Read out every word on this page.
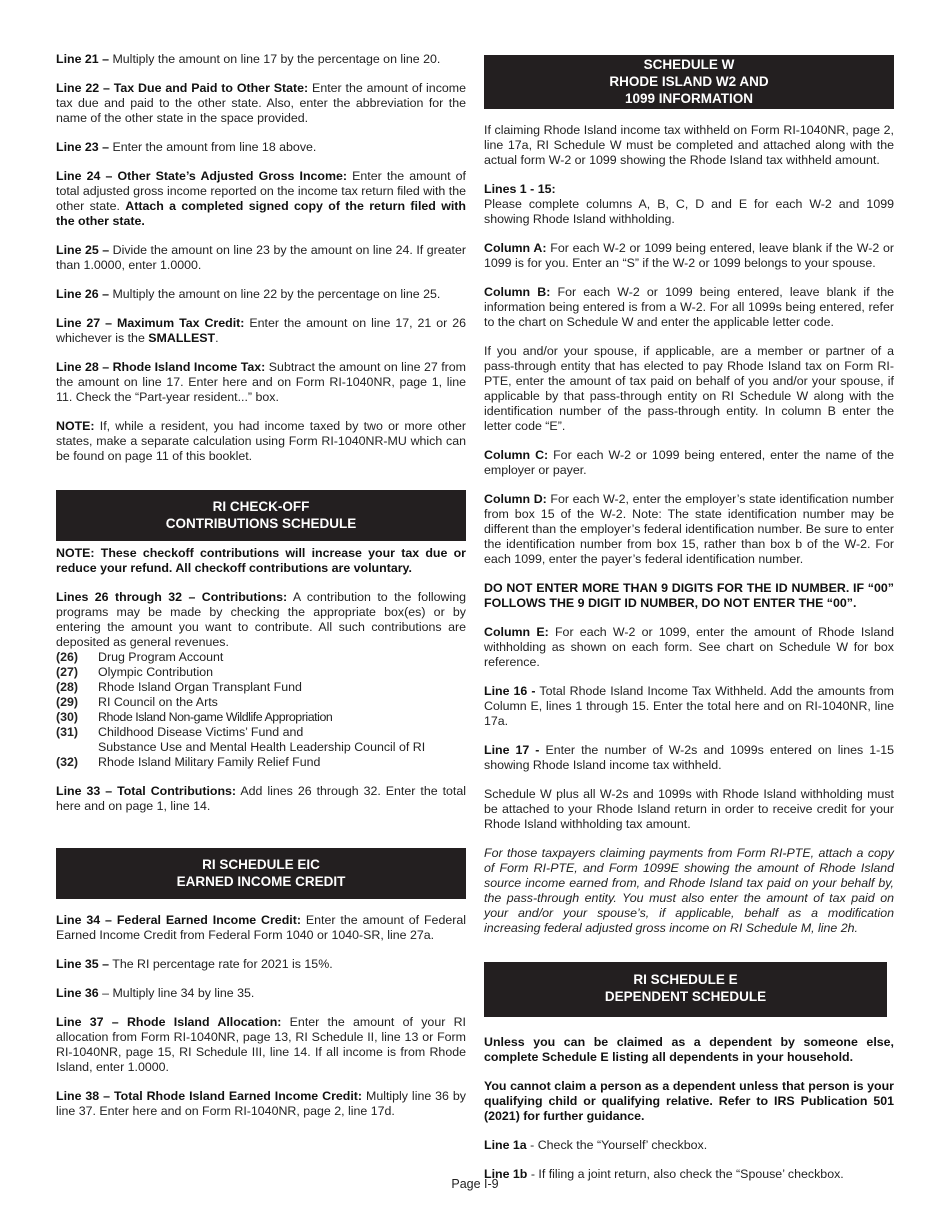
Line 21 – Multiply the amount on line 17 by the percentage on line 20.

Line 22 – Tax Due and Paid to Other State: Enter the amount of income tax due and paid to the other state. Also, enter the abbreviation for the name of the other state in the space provided.

Line 23 – Enter the amount from line 18 above.

Line 24 – Other State’s Adjusted Gross Income: Enter the amount of total adjusted gross income reported on the income tax return filed with the other state. Attach a completed signed copy of the return filed with the other state.

Line 25 – Divide the amount on line 23 by the amount on line 24. If greater than 1.0000, enter 1.0000.

Line 26 – Multiply the amount on line 22 by the percentage on line 25.

Line 27 – Maximum Tax Credit: Enter the amount on line 17, 21 or 26 whichever is the SMALLEST.

Line 28 – Rhode Island Income Tax: Subtract the amount on line 27 from the amount on line 17. Enter here and on Form RI-1040NR, page 1, line 11. Check the “Part-year resident...” box.

NOTE: If, while a resident, you had income taxed by two or more other states, make a separate calculation using Form RI-1040NR-MU which can be found on page 11 of this booklet.

RI CHECK-OFF
CONTRIBUTIONS SCHEDULE

NOTE: These checkoff contributions will increase your tax due or reduce your refund. All checkoff contributions are voluntary.

Lines 26 through 32 – Contributions: A contribution to the following programs may be made by checking the appropriate box(es) or by entering the amount you want to contribute. All such contributions are deposited as general revenues.

(26)	Drug Program Account
(27)	Olympic Contribution
(28)	Rhode Island Organ Transplant Fund
(29)	RI Council on the Arts
(30)	Rhode Island Non-game Wildlife Appropriation
(31)	Childhood Disease Victims’ Fund and
Substance Use and Mental Health Leadership Council of RI
(32)	Rhode Island Military Family Relief Fund

Line 33 – Total Contributions: Add lines 26 through 32. Enter the total here and on page 1, line 14.

RI SCHEDULE EIC
EARNED INCOME CREDIT

Line 34 – Federal Earned Income Credit: Enter the amount of Federal Earned Income Credit from Federal Form 1040 or 1040-SR, line 27a.

Line 35 – The RI percentage rate for 2021 is 15%.

Line 36 – Multiply line 34 by line 35.

Line 37 – Rhode Island Allocation: Enter the amount of your RI allocation from Form RI-1040NR, page 13, RI Schedule II, line 13 or Form RI-1040NR, page 15, RI Schedule III, line 14. If all income is from Rhode Island, enter 1.0000.

Line 38 – Total Rhode Island Earned Income Credit: Multiply line 36 by line 37. Enter here and on Form RI-1040NR, page 2, line 17d.

SCHEDULE W
RHODE ISLAND W2 AND
1099 INFORMATION

If claiming Rhode Island income tax withheld on Form RI-1040NR, page 2, line 17a, RI Schedule W must be completed and attached along with the actual form W-2 or 1099 showing the Rhode Island tax withheld amount.

Lines 1 - 15:
Please complete columns A, B, C, D and E for each W-2 and 1099 showing Rhode Island withholding.

Column A: For each W-2 or 1099 being entered, leave blank if the W-2 or 1099 is for you. Enter an “S” if the W-2 or 1099 belongs to your spouse.

Column B: For each W-2 or 1099 being entered, leave blank if the information being entered is from a W-2. For all 1099s being entered, refer to the chart on Schedule W and enter the applicable letter code.

If you and/or your spouse, if applicable, are a member or partner of a pass-through entity that has elected to pay Rhode Island tax on Form RI-PTE, enter the amount of tax paid on behalf of you and/or your spouse, if applicable by that pass-through entity on RI Schedule W along with the identification number of the pass-through entity. In column B enter the letter code “E”.

Column C: For each W-2 or 1099 being entered, enter the name of the employer or payer.

Column D: For each W-2, enter the employer’s state identification number from box 15 of the W-2. Note: The state identification number may be different than the employer’s federal identification number. Be sure to enter the identification number from box 15, rather than box b of the W-2. For each 1099, enter the payer’s federal identification number.

DO NOT ENTER MORE THAN 9 DIGITS FOR THE ID NUMBER. IF “00” FOLLOWS THE 9 DIGIT ID NUMBER, DO NOT ENTER THE “00”.

Column E: For each W-2 or 1099, enter the amount of Rhode Island withholding as shown on each form. See chart on Schedule W for box reference.

Line 16 - Total Rhode Island Income Tax Withheld. Add the amounts from Column E, lines 1 through 15. Enter the total here and on RI-1040NR, line 17a.

Line 17 - Enter the number of W-2s and 1099s entered on lines 1-15 showing Rhode Island income tax withheld.

Schedule W plus all W-2s and 1099s with Rhode Island withholding must be attached to your Rhode Island return in order to receive credit for your Rhode Island withholding tax amount.

For those taxpayers claiming payments from Form RI-PTE, attach a copy of Form RI-PTE, and Form 1099E showing the amount of Rhode Island source income earned from, and Rhode Island tax paid on your behalf by, the pass-through entity. You must also enter the amount of tax paid on your and/or your spouse’s, if applicable, behalf as a modification increasing federal adjusted gross income on RI Schedule M, line 2h.

RI SCHEDULE E
DEPENDENT SCHEDULE

Unless you can be claimed as a dependent by someone else, complete Schedule E listing all dependents in your household.

You cannot claim a person as a dependent unless that person is your qualifying child or qualifying relative. Refer to IRS Publication 501 (2021) for further guidance.

Line 1a - Check the “Yourself’ checkbox.

Line 1b - If filing a joint return, also check the “Spouse’ checkbox.

Page I-9
